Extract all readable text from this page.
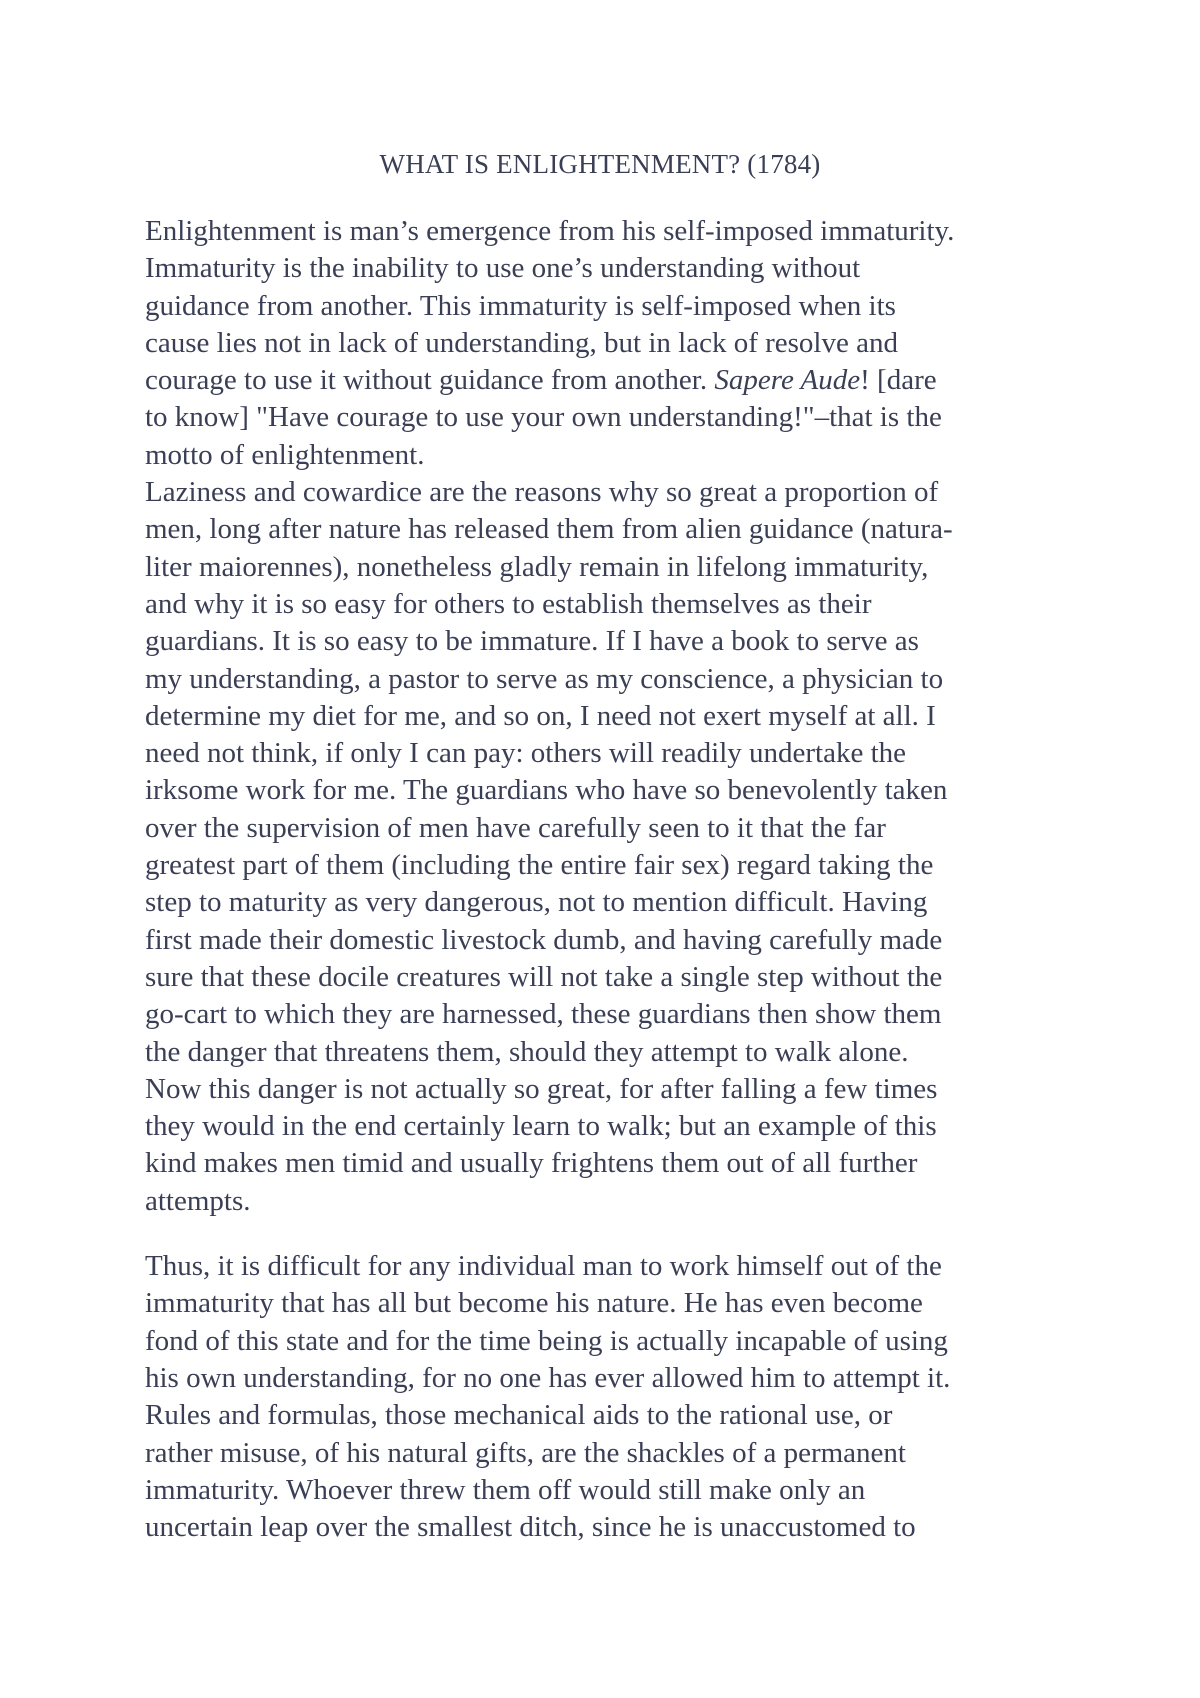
WHAT IS ENLIGHTENMENT? (1784)
Enlightenment is man’s emergence from his self-imposed immaturity.
Immaturity is the inability to use one’s understanding without
guidance from another. This immaturity is self-imposed when its
cause lies not in lack of understanding, but in lack of resolve and
courage to use it without guidance from another. Sapere Aude! [dare
to know] "Have courage to use your own understanding!"–that is the
motto of enlightenment.
Laziness and cowardice are the reasons why so great a proportion of
men, long after nature has released them from alien guidance (natura-
liter maiorennes), nonetheless gladly remain in lifelong immaturity,
and why it is so easy for others to establish themselves as their
guardians. It is so easy to be immature. If I have a book to serve as
my understanding, a pastor to serve as my conscience, a physician to
determine my diet for me, and so on, I need not exert myself at all. I
need not think, if only I can pay: others will readily undertake the
irksome work for me. The guardians who have so benevolently taken
over the supervision of men have carefully seen to it that the far
greatest part of them (including the entire fair sex) regard taking the
step to maturity as very dangerous, not to mention difficult. Having
first made their domestic livestock dumb, and having carefully made
sure that these docile creatures will not take a single step without the
go-cart to which they are harnessed, these guardians then show them
the danger that threatens them, should they attempt to walk alone.
Now this danger is not actually so great, for after falling a few times
they would in the end certainly learn to walk; but an example of this
kind makes men timid and usually frightens them out of all further
attempts.
Thus, it is difficult for any individual man to work himself out of the
immaturity that has all but become his nature. He has even become
fond of this state and for the time being is actually incapable of using
his own understanding, for no one has ever allowed him to attempt it.
Rules and formulas, those mechanical aids to the rational use, or
rather misuse, of his natural gifts, are the shackles of a permanent
immaturity. Whoever threw them off would still make only an
uncertain leap over the smallest ditch, since he is unaccustomed to
